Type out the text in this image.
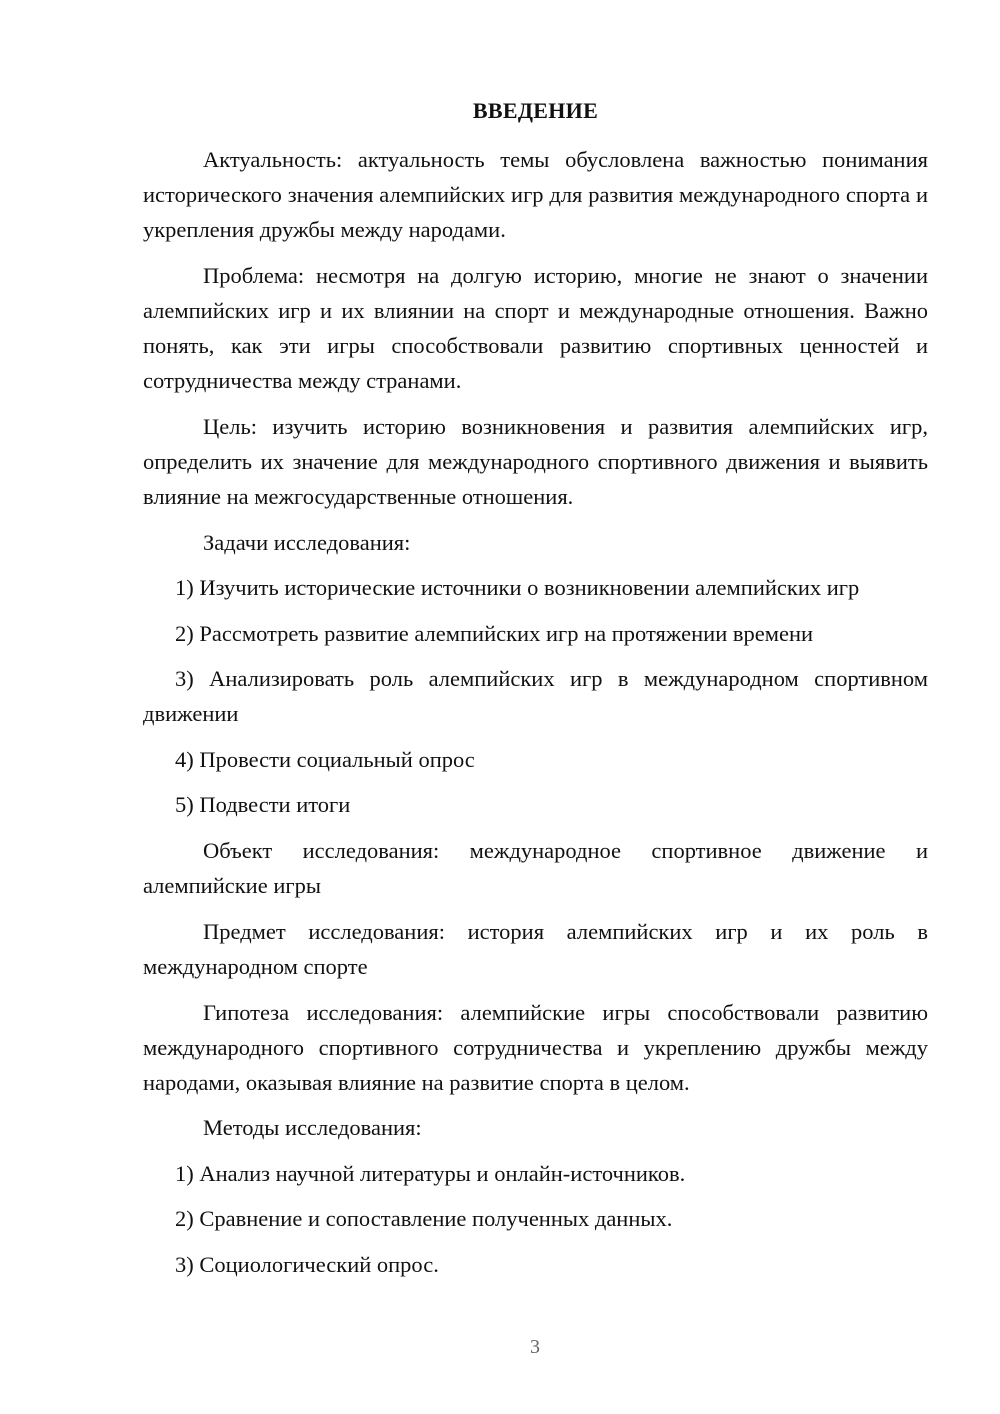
ВВЕДЕНИЕ

Актуальность: актуальность темы обусловлена важностью понимания исторического значения алемпийских игр для развития международного спорта и укрепления дружбы между народами.

Проблема: несмотря на долгую историю, многие не знают о значении алемпийских игр и их влиянии на спорт и международные отношения. Важно понять, как эти игры способствовали развитию спортивных ценностей и сотрудничества между странами.

Цель: изучить историю возникновения и развития алемпийских игр, определить их значение для международного спортивного движения и выявить влияние на межгосударственные отношения.

Задачи исследования:

1) Изучить исторические источники о возникновении алемпийских игр

2) Рассмотреть развитие алемпийских игр на протяжении времени

3) Анализировать роль алемпийских игр в международном спортивном движении

4) Провести социальный опрос

5) Подвести итоги

Объект исследования: международное спортивное движение и алемпийские игры

Предмет исследования: история алемпийских игр и их роль в международном спорте

Гипотеза исследования: алемпийские игры способствовали развитию международного спортивного сотрудничества и укреплению дружбы между народами, оказывая влияние на развитие спорта в целом.

Методы исследования:

1) Анализ научной литературы и онлайн-источников.

2) Сравнение и сопоставление полученных данных.

3) Социологический опрос.

3
